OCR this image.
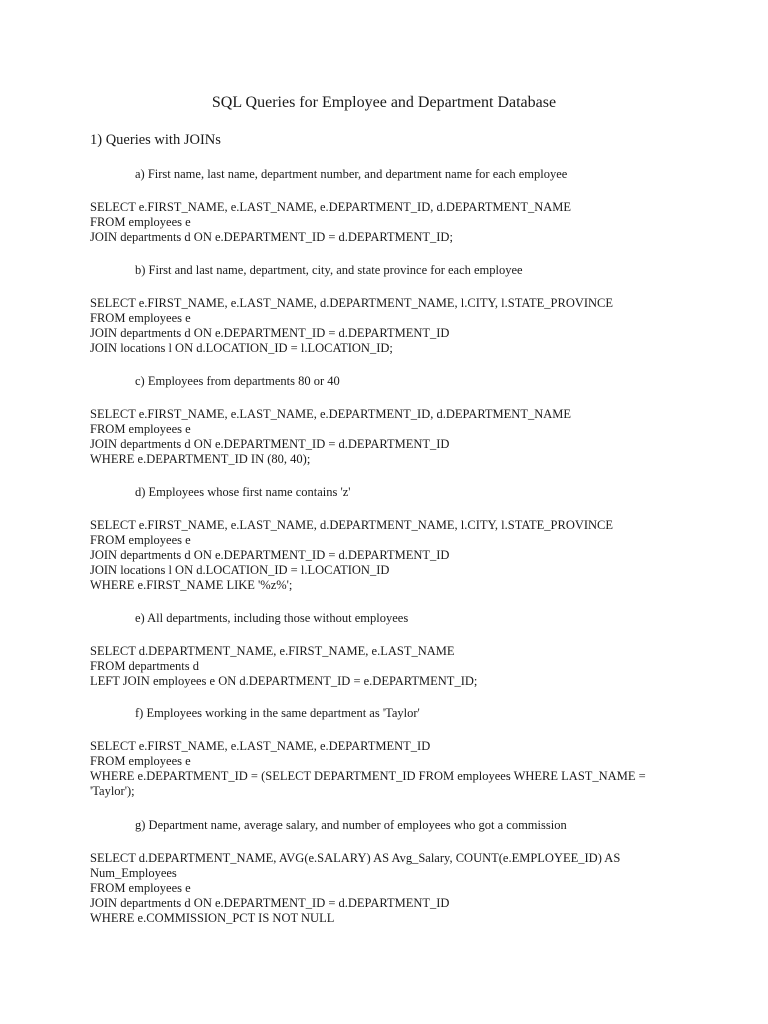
SQL Queries for Employee and Department Database
1) Queries with JOINs
a) First name, last name, department number, and department name for each employee
SELECT e.FIRST_NAME, e.LAST_NAME, e.DEPARTMENT_ID, d.DEPARTMENT_NAME
FROM employees e
JOIN departments d ON e.DEPARTMENT_ID = d.DEPARTMENT_ID;
b) First and last name, department, city, and state province for each employee
SELECT e.FIRST_NAME, e.LAST_NAME, d.DEPARTMENT_NAME, l.CITY, l.STATE_PROVINCE
FROM employees e
JOIN departments d ON e.DEPARTMENT_ID = d.DEPARTMENT_ID
JOIN locations l ON d.LOCATION_ID = l.LOCATION_ID;
c) Employees from departments 80 or 40
SELECT e.FIRST_NAME, e.LAST_NAME, e.DEPARTMENT_ID, d.DEPARTMENT_NAME
FROM employees e
JOIN departments d ON e.DEPARTMENT_ID = d.DEPARTMENT_ID
WHERE e.DEPARTMENT_ID IN (80, 40);
d) Employees whose first name contains 'z'
SELECT e.FIRST_NAME, e.LAST_NAME, d.DEPARTMENT_NAME, l.CITY, l.STATE_PROVINCE
FROM employees e
JOIN departments d ON e.DEPARTMENT_ID = d.DEPARTMENT_ID
JOIN locations l ON d.LOCATION_ID = l.LOCATION_ID
WHERE e.FIRST_NAME LIKE '%z%';
e) All departments, including those without employees
SELECT d.DEPARTMENT_NAME, e.FIRST_NAME, e.LAST_NAME
FROM departments d
LEFT JOIN employees e ON d.DEPARTMENT_ID = e.DEPARTMENT_ID;
f) Employees working in the same department as 'Taylor'
SELECT e.FIRST_NAME, e.LAST_NAME, e.DEPARTMENT_ID
FROM employees e
WHERE e.DEPARTMENT_ID = (SELECT DEPARTMENT_ID FROM employees WHERE LAST_NAME = 'Taylor');
g) Department name, average salary, and number of employees who got a commission
SELECT d.DEPARTMENT_NAME, AVG(e.SALARY) AS Avg_Salary, COUNT(e.EMPLOYEE_ID) AS Num_Employees
FROM employees e
JOIN departments d ON e.DEPARTMENT_ID = d.DEPARTMENT_ID
WHERE e.COMMISSION_PCT IS NOT NULL
